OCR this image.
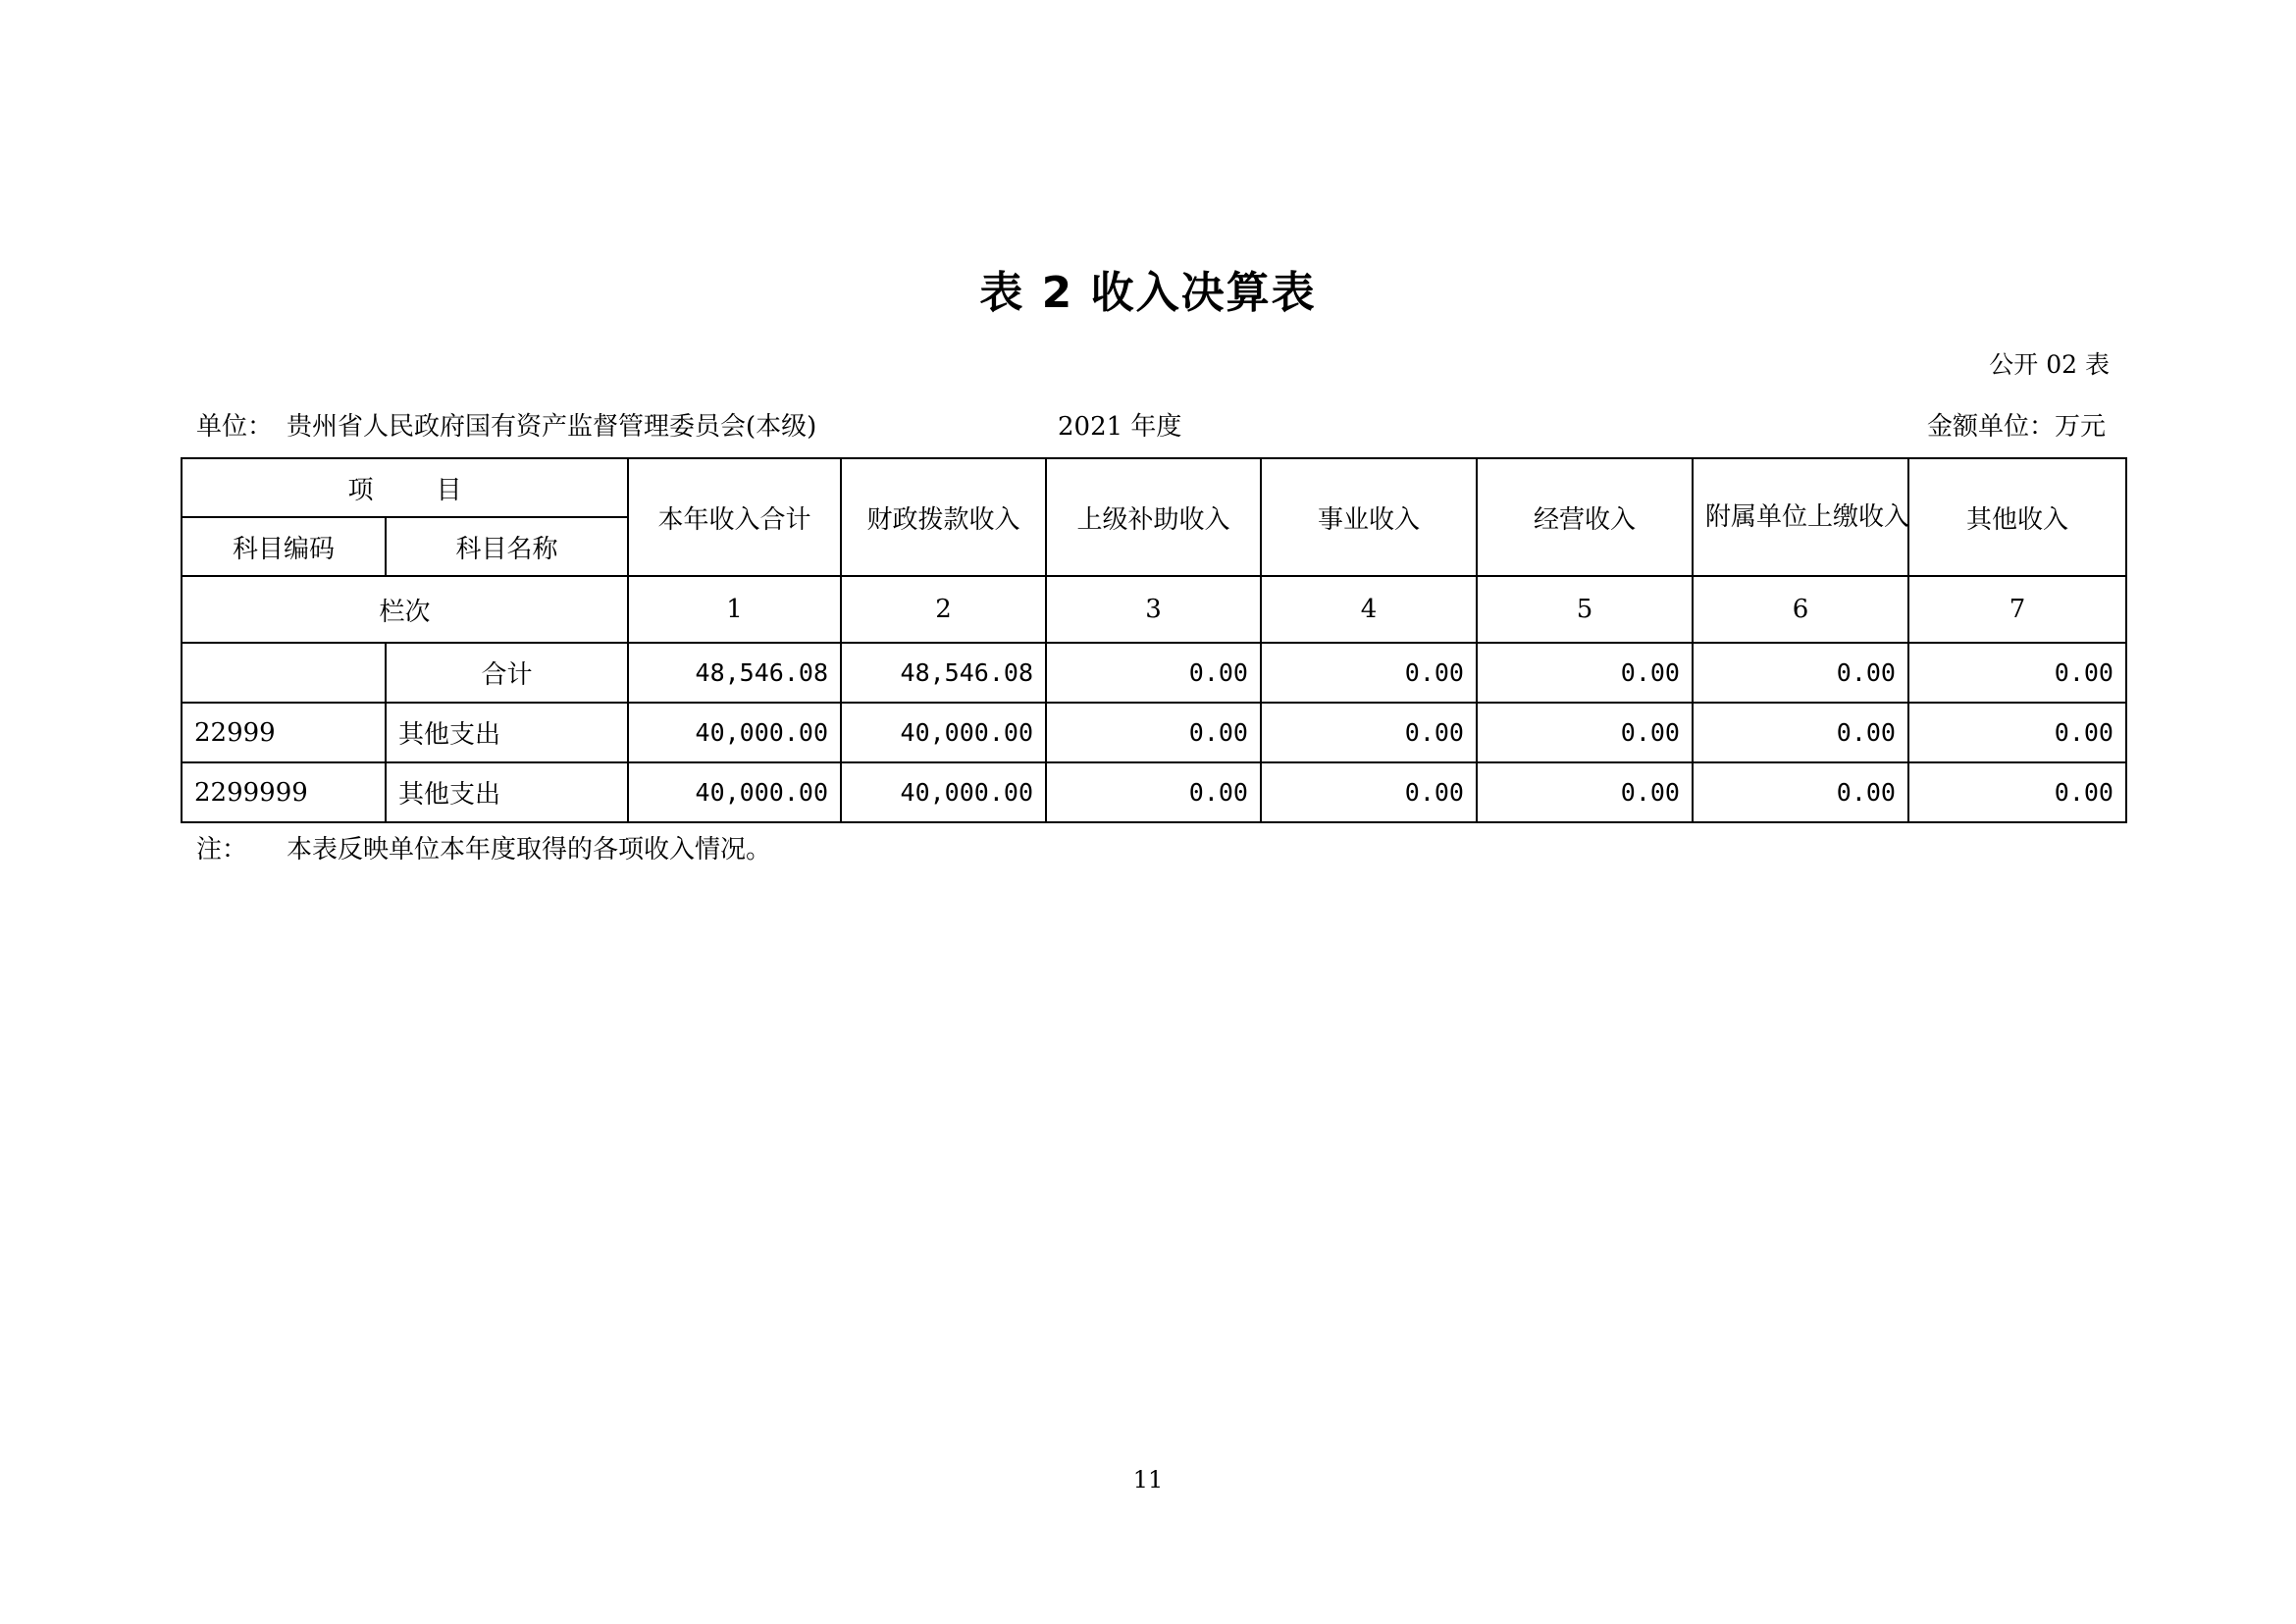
表 2 收入决算表
公开 02 表
单位： 贵州省人民政府国有资产监督管理委员会(本级)	2021 年度	金额单位：万元
项 目		本年收入合计	财政拨款收入	上级补助收入	事业收入	经营收入	附属单位上缴收入	其他收入
科目编码	科目名称							
栏次		1	2	3	4	5	6	7
	合计	48,546.08	48,546.08	0.00	0.00	0.00	0.00	0.00
22999	其他支出	40,000.00	40,000.00	0.00	0.00	0.00	0.00	0.00
2299999	其他支出	40,000.00	40,000.00	0.00	0.00	0.00	0.00	0.00
注： 本表反映单位本年度取得的各项收入情况。
11
